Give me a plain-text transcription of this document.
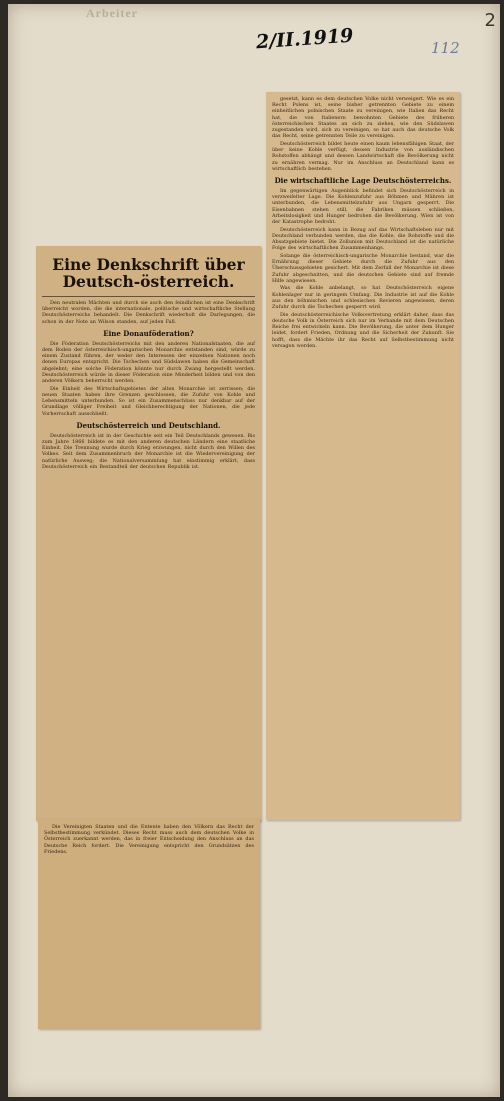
Arbeiter
2/II.1919	112
2

gesetzt, kann es dem deutschen Volke nicht verweigert. Wie es ein Recht Polens ist, seine bisher getrennten Gebiete zu einem einheitlichen polnischen Staate zu vereinigen, wie Italien das Recht hat, die von Italienern bewohnten Gebiete des früheren österreichischen Staates an sich zu ziehen, wie den Südslawen zugestanden wird, sich zu vereinigen, so hat auch das deutsche Volk das Recht, seine getrennten Teile zu vereinigen.

Deutschösterreich bildet heute einen kaum lebensfähigen Staat, der über keine Kohle verfügt, dessen Industrie von ausländischen Rohstoffen abhängt und dessen Landwirtschaft die Bevölkerung nicht zu ernähren vermag. Nur im Anschluss an Deutschland kann es wirtschaftlich bestehen.

Die wirtschaftliche Lage Deutschösterreichs.

Im gegenwärtigen Augenblick befindet sich Deutschösterreich in verzweifelter Lage. Die Kohlenzufuhr aus Böhmen und Mähren ist unterbunden, die Lebensmittelzufuhr aus Ungarn gesperrt. Die Eisenbahnen stehen still, die Fabriken müssen schließen, Arbeitslosigkeit und Hunger bedrohen die Bevölkerung. Wien ist von der Katastrophe bedroht.

Deutschösterreich kann in Bezug auf das Wirtschaftsleben nur mit Deutschland verbunden werden, das die Kohle, die Rohstoffe und die Absatzgebiete bietet. Die Zollunion mit Deutschland ist die natürliche Folge des wirtschaftlichen Zusammenhangs.

Solange die österreichisch-ungarische Monarchie bestand, war die Ernährung dieser Gebiete durch die Zufuhr aus den Überschussgebieten gesichert. Mit dem Zerfall der Monarchie ist diese Zufuhr abgeschnitten, und die deutschen Gebiete sind auf fremde Hilfe angewiesen.

Was die Kohle anbelangt, so hat Deutschösterreich eigene Kohlenlager nur in geringem Umfang. Die Industrie ist auf die Kohle aus den böhmischen und schlesischen Revieren angewiesen, deren Zufuhr durch die Tschechen gesperrt wird.

Die deutschösterreichische Volksvertretung erklärt daher, dass das deutsche Volk in Österreich sich nur im Verbande mit dem Deutschen Reiche frei entwickeln kann. Die Bevölkerung, die unter dem Hunger leidet, fordert Frieden, Ordnung und die Sicherheit der Zukunft. Sie hofft, dass die Mächte ihr das Recht auf Selbstbestimmung nicht versagen werden.

Eine Denkschrift über Deutsch-österreich.

Den neutralen Mächten und durch sie auch den feindlichen ist eine Denkschrift überreicht worden, die die internationale, politische und wirtschaftliche Stellung Deutschösterreichs behandelt. Die Denkschrift wiederholt die Darlegungen, die schon in der Note an Wilson standen, auf jeden Fall.

Eine Donauföderation?

Die Föderation Deutschösterreichs mit den anderen Nationalstaaten, die auf dem Boden der österreichisch-ungarischen Monarchie entstanden sind, würde zu einem Zustand führen, der weder den Interessen der einzelnen Nationen noch denen Europas entspricht. Die Tschechen und Südslawen haben die Gemeinschaft abgelehnt; eine solche Föderation könnte nur durch Zwang hergestellt werden. Deutschösterreich würde in dieser Föderation eine Minderheit bilden und von den anderen Völkern beherrscht werden.

Die Einheit des Wirtschaftsgebietes der alten Monarchie ist zerrissen; die neuen Staaten haben ihre Grenzen geschlossen, die Zufuhr von Kohle und Lebensmitteln unterbunden. So ist ein Zusammenschluss nur denkbar auf der Grundlage völliger Freiheit und Gleichberechtigung der Nationen, die jede Vorherrschaft ausschließt.

Deutschösterreich und Deutschland.

Deutschösterreich ist in der Geschichte seit ein Teil Deutschlands gewesen. Bis zum Jahre 1866 bildete es mit den anderen deutschen Ländern eine staatliche Einheit. Die Trennung wurde durch Krieg erzwungen, nicht durch den Willen des Volkes. Seit dem Zusammenbruch der Monarchie ist die Wiedervereinigung der natürliche Ausweg; die Nationalversammlung hat einstimmig erklärt, dass Deutschösterreich ein Bestandteil der deutschen Republik ist.

Die Vereinigten Staaten und die Entente haben den Völkern das Recht der Selbstbestimmung verkündet. Dieses Recht muss auch dem deutschen Volke in Österreich zuerkannt werden, das in freier Entscheidung den Anschluss an das Deutsche Reich fordert. Die Vereinigung entspricht den Grundsätzen des Friedens.
